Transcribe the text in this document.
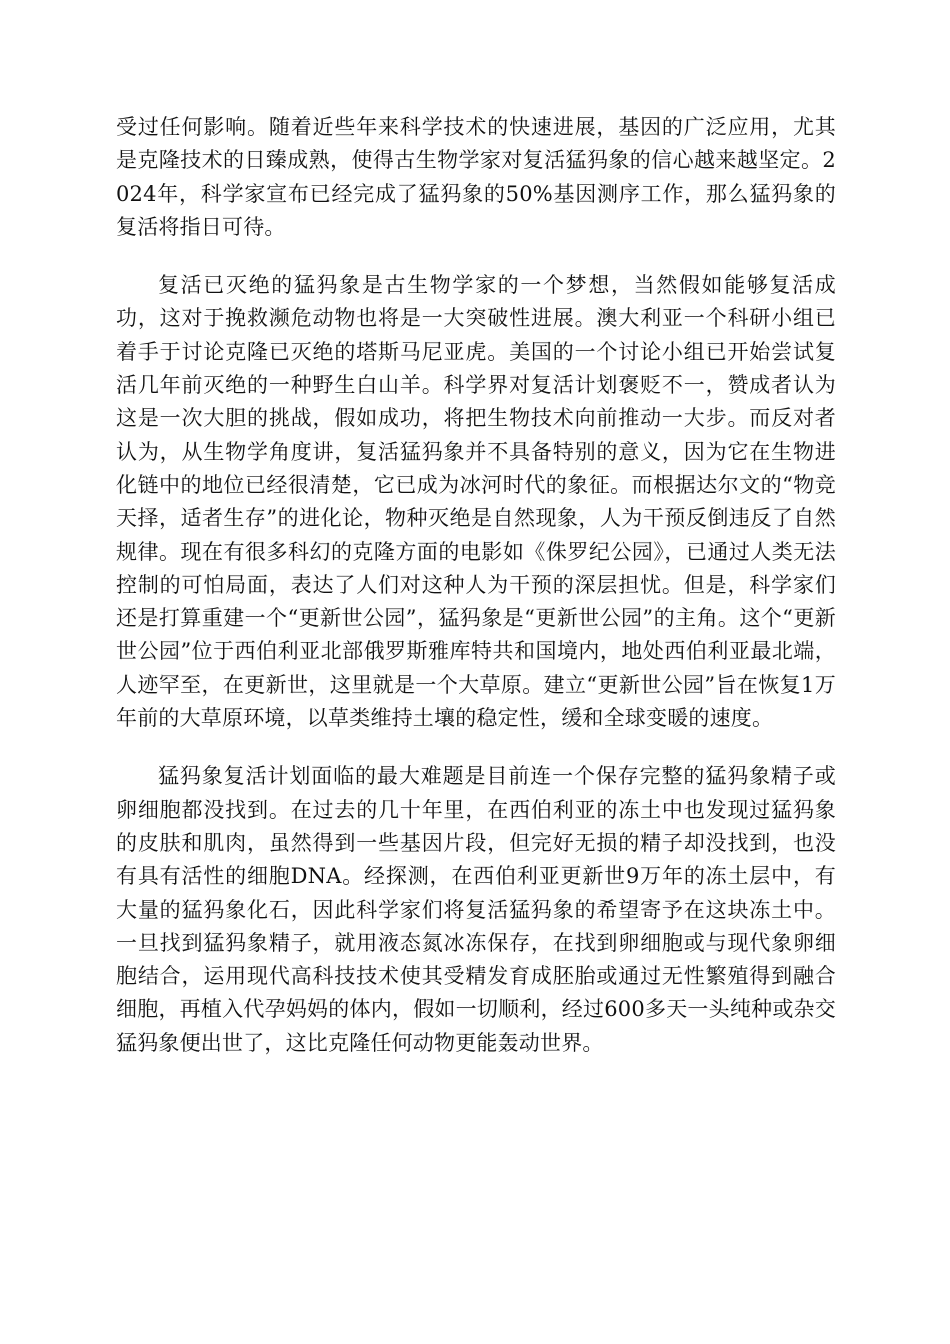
受过任何影响。随着近些年来科学技术的快速进展，基因的广泛应用，尤其是克隆技术的日臻成熟，使得古生物学家对复活猛犸象的信心越来越坚定。2024年，科学家宣布已经完成了猛犸象的50%基因测序工作，那么猛犸象的复活将指日可待。

复活已灭绝的猛犸象是古生物学家的一个梦想，当然假如能够复活成功，这对于挽救濒危动物也将是一大突破性进展。澳大利亚一个科研小组已着手于讨论克隆已灭绝的塔斯马尼亚虎。美国的一个讨论小组已开始尝试复活几年前灭绝的一种野生白山羊。科学界对复活计划褒贬不一，赞成者认为这是一次大胆的挑战，假如成功，将把生物技术向前推动一大步。而反对者认为，从生物学角度讲，复活猛犸象并不具备特别的意义，因为它在生物进化链中的地位已经很清楚，它已成为冰河时代的象征。而根据达尔文的“物竞天择，适者生存”的进化论，物种灭绝是自然现象，人为干预反倒违反了自然规律。现在有很多科幻的克隆方面的电影如《侏罗纪公园》，已通过人类无法控制的可怕局面，表达了人们对这种人为干预的深层担忧。但是，科学家们还是打算重建一个“更新世公园”，猛犸象是“更新世公园”的主角。这个“更新世公园”位于西伯利亚北部俄罗斯雅库特共和国境内，地处西伯利亚最北端，人迹罕至，在更新世，这里就是一个大草原。建立“更新世公园”旨在恢复1万年前的大草原环境，以草类维持土壤的稳定性，缓和全球变暖的速度。

猛犸象复活计划面临的最大难题是目前连一个保存完整的猛犸象精子或卵细胞都没找到。在过去的几十年里，在西伯利亚的冻土中也发现过猛犸象的皮肤和肌肉，虽然得到一些基因片段，但完好无损的精子却没找到，也没有具有活性的细胞DNA。经探测，在西伯利亚更新世9万年的冻土层中，有大量的猛犸象化石，因此科学家们将复活猛犸象的希望寄予在这块冻土中。一旦找到猛犸象精子，就用液态氮冰冻保存，在找到卵细胞或与现代象卵细胞结合，运用现代高科技技术使其受精发育成胚胎或通过无性繁殖得到融合细胞，再植入代孕妈妈的体内，假如一切顺利，经过600多天一头纯种或杂交猛犸象便出世了，这比克隆任何动物更能轰动世界。
